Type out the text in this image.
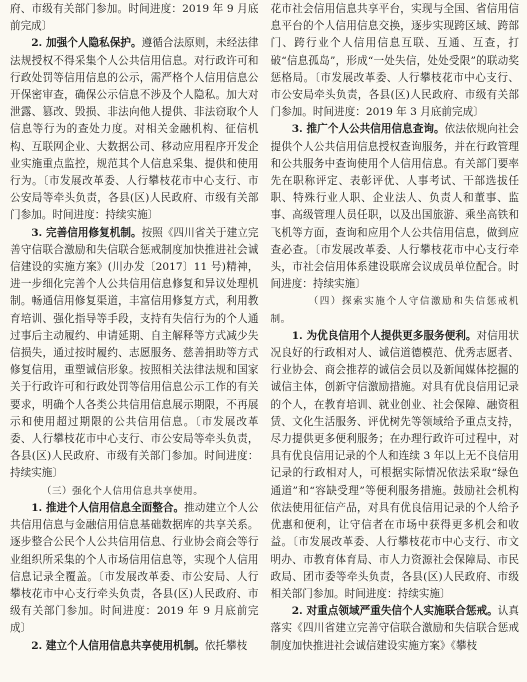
府、市级有关部门参加。时间进度：2019 年 9 月底前完成〕

2. 加强个人隐私保护。遵循合法原则，未经法律法规授权不得采集个人公共信用信息。对行政许可和行政处罚等信用信息的公示，需严格个人信用信息公开保密审查，确保公示信息不涉及个人隐私。加大对泄露、篡改、毁损、非法向他人提供、非法窃取个人信息等行为的查处力度。对相关金融机构、征信机构、互联网企业、大数据公司、移动应用程序开发企业实施重点监控，规范其个人信息采集、提供和使用行为。〔市发展改革委、人行攀枝花市中心支行、市公安局等牵头负责，各县(区)人民政府、市级有关部门参加。时间进度：持续实施〕

3. 完善信用修复机制。按照《四川省关于建立完善守信联合激励和失信联合惩戒制度加快推进社会诚信建设的实施方案》(川办发〔2017〕11 号)精神，进一步细化完善个人公共信用信息修复和异议处理机制。畅通信用修复渠道，丰富信用修复方式，利用教育培训、强化指导等手段，支持有失信行为的个人通过事后主动履约、申请延期、自主解释等方式减少失信损失，通过按时履约、志愿服务、慈善捐助等方式修复信用，重塑诚信形象。按照相关法律法规和国家关于行政许可和行政处罚等信用信息公示工作的有关要求，明确个人各类公共信用信息展示期限，不再展示和使用超过期限的公共信用信息。〔市发展改革委、人行攀枝花市中心支行、市公安局等牵头负责，各县(区)人民政府、市级有关部门参加。时间进度：持续实施〕

（三）强化个人信用信息共享使用。

1. 推进个人信用信息全面整合。推动建立个人公共信用信息与金融信用信息基础数据库的共享关系。逐步整合公民个人公共信用信息、行业协会商会等行业组织所采集的个人市场信用信息等，实现个人信用信息记录全覆盖。〔市发展改革委、市公安局、人行攀枝花市中心支行牵头负责，各县(区)人民政府、市级有关部门参加。时间进度：2019 年 9 月底前完成〕

2. 建立个人信用信息共享使用机制。依托攀枝

花市社会信用信息共享平台，实现与全国、省信用信息平台的个人信用信息交换，逐步实现跨区域、跨部门、跨行业个人信用信息互联、互通、互查，打破“信息孤岛”，形成“一处失信，处处受限”的联动奖惩格局。〔市发展改革委、人行攀枝花市中心支行、市公安局牵头负责，各县(区)人民政府、市级有关部门参加。时间进度：2019 年 3 月底前完成〕

3. 推广个人公共信用信息查询。依法依规向社会提供个人公共信用信息授权查询服务，并在行政管理和公共服务中查询使用个人信用信息。有关部门要率先在职称评定、表彰评优、人事考试、干部选拔任职、特殊行业人职、企业法人、负责人和董事、监事、高级管理人员任职，以及出国旅游、乘坐高铁和飞机等方面，查询和应用个人公共信用信息，做到应查必查。〔市发展改革委、人行攀枝花市中心支行牵头，市社会信用体系建设联席会议成员单位配合。时间进度：持续实施〕

（四）探索实施个人守信激励和失信惩戒机制。

1. 为优良信用个人提供更多服务便利。对信用状况良好的行政相对人、诚信道德模范、优秀志愿者、行业协会、商会推荐的诚信会员以及新闻媒体挖掘的诚信主体，创新守信激励措施。对具有优良信用记录的个人，在教育培训、就业创业、社会保障、融资租赁、文化生活服务、评优树先等领域给予重点支持，尽力提供更多便利服务；在办理行政许可过程中，对具有优良信用记录的个人和连续 3 年以上无不良信用记录的行政相对人，可根据实际情况依法采取“绿色通道”和“容缺受理”等便利服务措施。鼓励社会机构依法使用征信产品，对具有优良信用记录的个人给予优惠和便利，让守信者在市场中获得更多机会和收益。〔市发展改革委、人行攀枝花市中心支行、市文明办、市教育体育局、市人力资源社会保障局、市民政局、团市委等牵头负责，各县(区)人民政府、市级相关部门参加。时间进度：持续实施〕

2. 对重点领域严重失信个人实施联合惩戒。认真落实《四川省建立完善守信联合激励和失信联合惩戒制度加快推进社会诚信建设实施方案》《攀枝
